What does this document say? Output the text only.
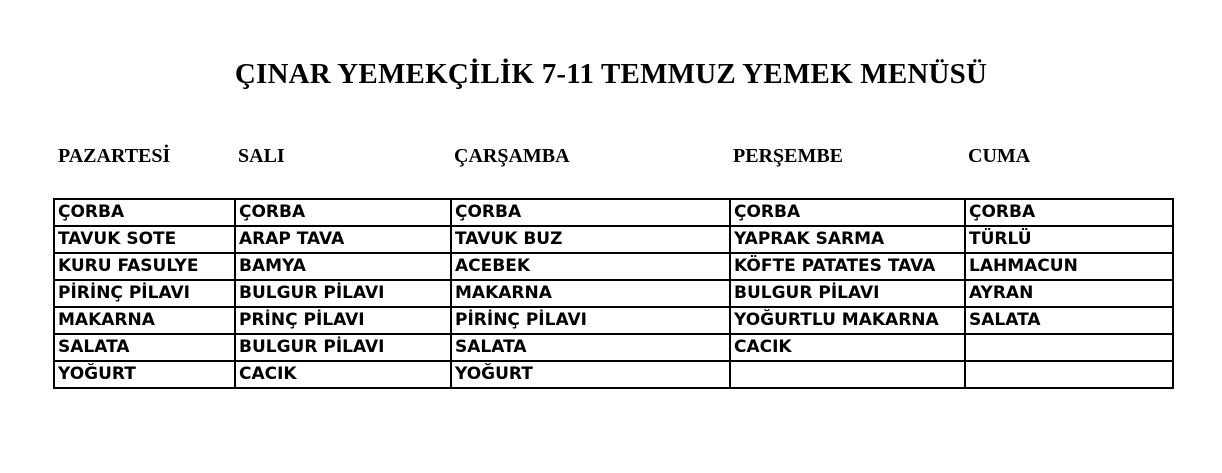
ÇINAR YEMEKÇİLİK 7-11 TEMMUZ YEMEK MENÜSÜ
PAZARTESİ	SALI	ÇARŞAMBA	PERŞEMBE	CUMA
ÇORBA	ÇORBA	ÇORBA	ÇORBA	ÇORBA
TAVUK SOTE	ARAP TAVA	TAVUK BUZ	YAPRAK SARMA	TÜRLÜ
KURU FASULYE	BAMYA	ACEBEK	KÖFTE PATATES TAVA	LAHMACUN
PİRİNÇ PİLAVI	BULGUR PİLAVI	MAKARNA	BULGUR PİLAVI	AYRAN
MAKARNA	PRİNÇ PİLAVI	PİRİNÇ PİLAVI	YOĞURTLU MAKARNA	SALATA
SALATA	BULGUR PİLAVI	SALATA	CACIK	
YOĞURT	CACIK	YOĞURT		
